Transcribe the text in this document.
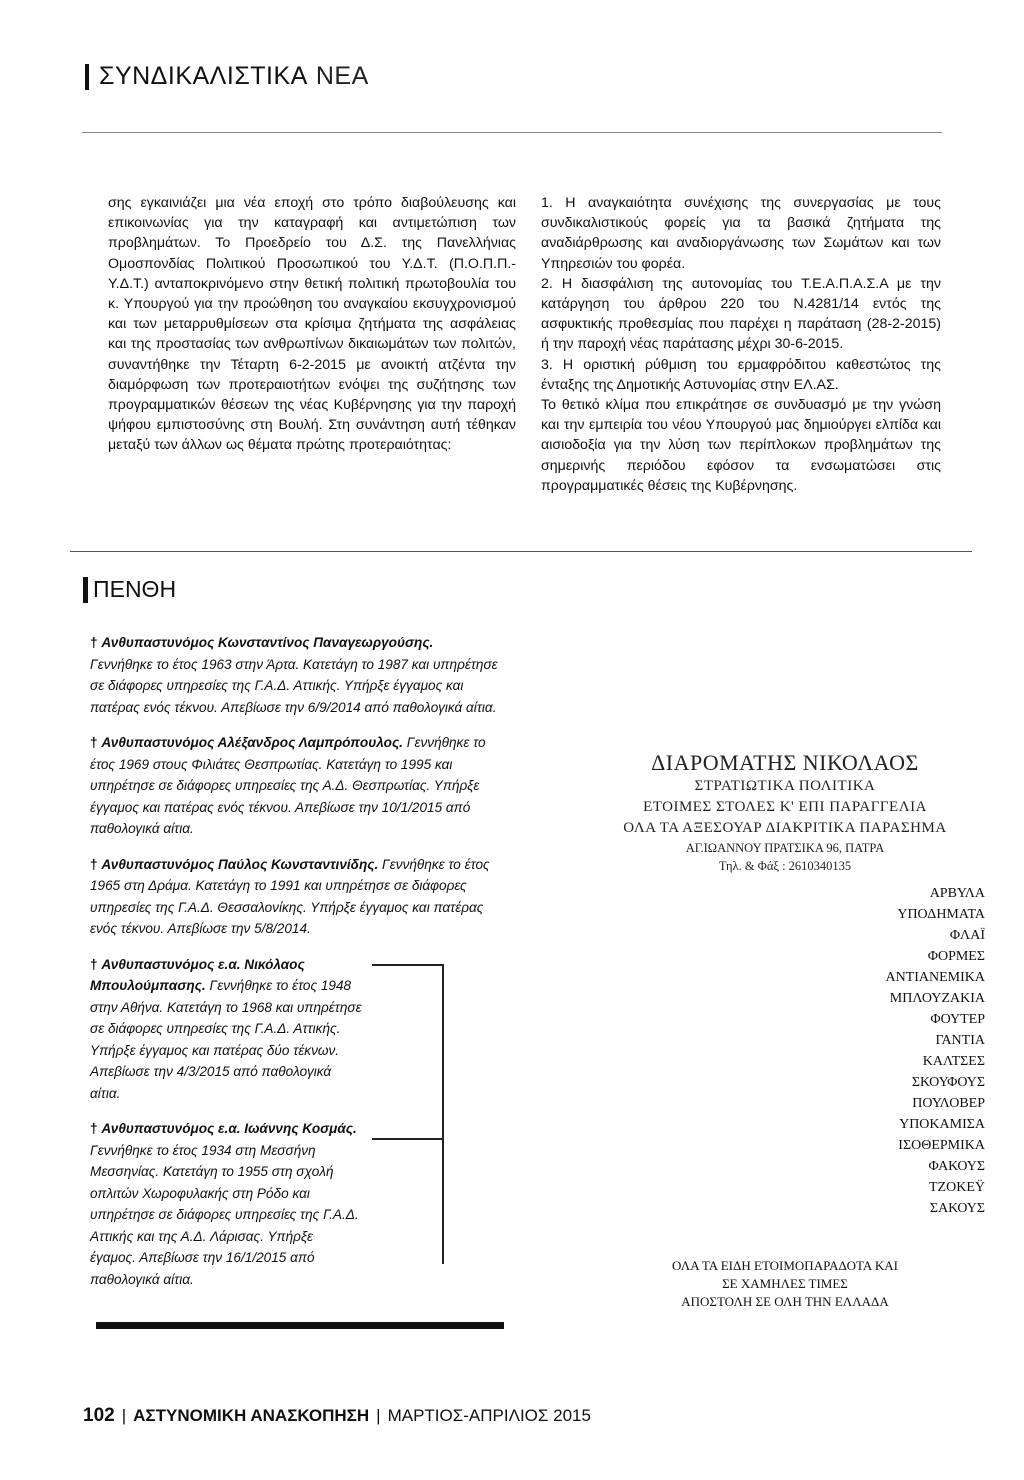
ΣΥΝΔΙΚΑΛΙΣΤΙΚΑ ΝΕΑ

σης εγκαινιάζει μια νέα εποχή στο τρόπο διαβούλευσης και επικοινωνίας για την καταγραφή και αντιμετώπιση των προβλημάτων. Το Προεδρείο του Δ.Σ. της Πανελλήνιας Ομοσπονδίας Πολιτικού Προσωπικού του Υ.Δ.Τ. (Π.Ο.Π.Π.-Υ.Δ.Τ.) ανταποκρινόμενο στην θετική πολιτική πρωτοβουλία του κ. Υπουργού για την προώθηση του αναγκαίου εκσυγχρονισμού και των μεταρρυθμίσεων στα κρίσιμα ζητήματα της ασφάλειας και της προστασίας των ανθρωπίνων δικαιωμάτων των πολιτών, συναντήθηκε την Τέταρτη 6-2-2015 με ανοικτή ατζέντα την διαμόρφωση των προτεραιοτήτων ενόψει της συζήτησης των προγραμματικών θέσεων της νέας Κυβέρνησης για την παροχή ψήφου εμπιστοσύνης στη Βουλή. Στη συνάντηση αυτή τέθηκαν μεταξύ των άλλων ως θέματα πρώτης προτεραιότητας:

1. Η αναγκαιότητα συνέχισης της συνεργασίας με τους συνδικαλιστικούς φορείς για τα βασικά ζητήματα της αναδιάρθρωσης και αναδιοργάνωσης των Σωμάτων και των Υπηρεσιών του φορέα.

2. Η διασφάλιση της αυτονομίας του Τ.Ε.Α.Π.Α.Σ.Α με την κατάργηση του άρθρου 220 του Ν.4281/14 εντός της ασφυκτικής προθεσμίας που παρέχει η παράταση (28-2-2015) ή την παροχή νέας παράτασης μέχρι 30-6-2015.

3. Η οριστική ρύθμιση του ερμαφρόδιτου καθεστώτος της ένταξης της Δημοτικής Αστυνομίας στην ΕΛ.ΑΣ.

Το θετικό κλίμα που επικράτησε σε συνδυασμό με την γνώση και την εμπειρία του νέου Υπουργού μας δημιούργει ελπίδα και αισιοδοξία για την λύση των περίπλοκων προβλημάτων της σημερινής περιόδου εφόσον τα ενσωματώσει στις προγραμματικές θέσεις της Κυβέρνησης.

ΠΕΝΘΗ

† Ανθυπαστυνόμος Κωνσταντίνος Παναγεωργούσης. Γεννήθηκε το έτος 1963 στην Άρτα. Κατετάγη το 1987 και υπηρέτησε σε διάφορες υπηρεσίες της Γ.Α.Δ. Αττικής. Υπήρξε έγγαμος και πατέρας ενός τέκνου. Απεβίωσε την 6/9/2014 από παθολογικά αίτια.

† Ανθυπαστυνόμος Αλέξανδρος Λαμπρόπουλος. Γεννήθηκε το έτος 1969 στους Φιλιάτες Θεσπρωτίας. Κατετάγη το 1995 και υπηρέτησε σε διάφορες υπηρεσίες της Α.Δ. Θεσπρωτίας. Υπήρξε έγγαμος και πατέρας ενός τέκνου. Απεβίωσε την 10/1/2015 από παθολογικά αίτια.

† Ανθυπαστυνόμος Παύλος Κωνσταντινίδης. Γεννήθηκε το έτος 1965 στη Δράμα. Κατετάγη το 1991 και υπηρέτησε σε διάφορες υπηρεσίες της Γ.Α.Δ. Θεσσαλονίκης. Υπήρξε έγγαμος και πατέρας ενός τέκνου. Απεβίωσε την 5/8/2014.

† Ανθυπαστυνόμος ε.α. Νικόλαος Μπουλούμπασης. Γεννήθηκε το έτος 1948 στην Αθήνα. Κατετάγη το 1968 και υπηρέτησε σε διάφορες υπηρεσίες της Γ.Α.Δ. Αττικής. Υπήρξε έγγαμος και πατέρας δύο τέκνων. Απεβίωσε την 4/3/2015 από παθολογικά αίτια.

† Ανθυπαστυνόμος ε.α. Ιωάννης Κοσμάς. Γεννήθηκε το έτος 1934 στη Μεσσήνη Μεσσηνίας. Κατετάγη το 1955 στη σχολή οπλιτών Χωροφυλακής στη Ρόδο και υπηρέτησε σε διάφορες υπηρεσίες της Γ.Α.Δ. Αττικής και της Α.Δ. Λάρισας. Υπήρξε έγαμος. Απεβίωσε την 16/1/2015 από παθολογικά αίτια.

ΔΙΑΡΟΜΑΤΗΣ ΝΙΚΟΛΑΟΣ
ΣΤΡΑΤΙΩΤΙΚΑ ΠΟΛΙΤΙΚΑ
ΕΤΟΙΜΕΣ ΣΤΟΛΕΣ Κ' ΕΠΙ ΠΑΡΑΓΓΕΛΙΑ
ΟΛΑ ΤΑ ΑΞΕΣΟΥΑΡ ΔΙΑΚΡΙΤΙΚΑ ΠΑΡΑΣΗΜΑ
ΑΓ.ΙΩΑΝΝΟΥ ΠΡΑΤΣΙΚΑ 96, ΠΑΤΡΑ
Τηλ. & Φάξ : 2610340135
ΑΡΒΥΛΑ
ΥΠΟΔΗΜΑΤΑ
ΦΛΑΪ
ΦΟΡΜΕΣ
ΑΝΤΙΑΝΕΜΙΚΑ
ΜΠΛΟΥΖΑΚΙΑ
ΦΟΥΤΕΡ
ΓΑΝΤΙΑ
ΚΑΛΤΣΕΣ
ΣΚΟΥΦΟΥΣ
ΠΟΥΛΟΒΕΡ
ΥΠΟΚΑΜΙΣΑ
ΙΣΟΘΕΡΜΙΚΑ
ΦΑΚΟΥΣ
ΤΖΟΚΕΫ
ΣΑΚΟΥΣ
ΟΛΑ ΤΑ ΕΙΔΗ ΕΤΟΙΜΟΠΑΡΑΔΟΤΑ ΚΑΙ
ΣΕ ΧΑΜΗΛΕΣ ΤΙΜΕΣ
ΑΠΟΣΤΟΛΗ ΣΕ ΟΛΗ ΤΗΝ ΕΛΛΑΔΑ
102 | ΑΣΤΥΝΟΜΙΚΗ ΑΝΑΣΚΟΠΗΣΗ | ΜΑΡΤΙΟΣ-ΑΠΡΙΛΙΟΣ 2015
